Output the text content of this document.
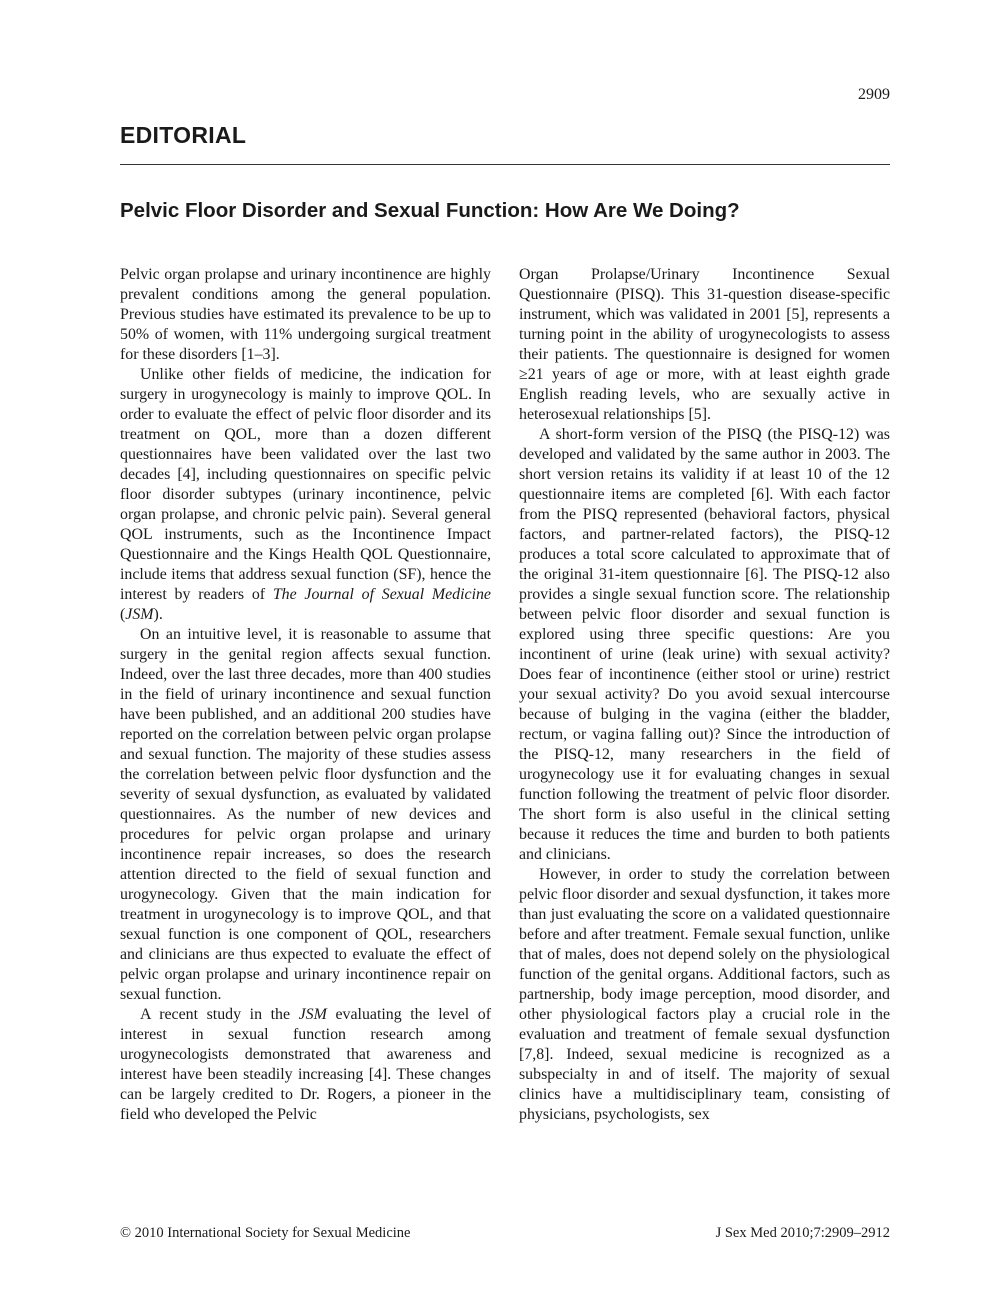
2909
EDITORIAL
Pelvic Floor Disorder and Sexual Function: How Are We Doing?

Pelvic organ prolapse and urinary incontinence are highly prevalent conditions among the general population. Previous studies have estimated its prevalence to be up to 50% of women, with 11% undergoing surgical treatment for these disorders [1–3].

Unlike other fields of medicine, the indication for surgery in urogynecology is mainly to improve QOL. In order to evaluate the effect of pelvic floor disorder and its treatment on QOL, more than a dozen different questionnaires have been validated over the last two decades [4], including questionnaires on specific pelvic floor disorder subtypes (urinary incontinence, pelvic organ prolapse, and chronic pelvic pain). Several general QOL instruments, such as the Incontinence Impact Questionnaire and the Kings Health QOL Questionnaire, include items that address sexual function (SF), hence the interest by readers of The Journal of Sexual Medicine (JSM).

On an intuitive level, it is reasonable to assume that surgery in the genital region affects sexual function. Indeed, over the last three decades, more than 400 studies in the field of urinary incontinence and sexual function have been published, and an additional 200 studies have reported on the correlation between pelvic organ prolapse and sexual function. The majority of these studies assess the correlation between pelvic floor dysfunction and the severity of sexual dysfunction, as evaluated by validated questionnaires. As the number of new devices and procedures for pelvic organ prolapse and urinary incontinence repair increases, so does the research attention directed to the field of sexual function and urogynecology. Given that the main indication for treatment in urogynecology is to improve QOL, and that sexual function is one component of QOL, researchers and clinicians are thus expected to evaluate the effect of pelvic organ prolapse and urinary incontinence repair on sexual function.

A recent study in the JSM evaluating the level of interest in sexual function research among urogynecologists demonstrated that awareness and interest have been steadily increasing [4]. These changes can be largely credited to Dr. Rogers, a pioneer in the field who developed the Pelvic

Organ Prolapse/Urinary Incontinence Sexual Questionnaire (PISQ). This 31-question disease-specific instrument, which was validated in 2001 [5], represents a turning point in the ability of urogynecologists to assess their patients. The questionnaire is designed for women ≥21 years of age or more, with at least eighth grade English reading levels, who are sexually active in heterosexual relationships [5].

A short-form version of the PISQ (the PISQ-12) was developed and validated by the same author in 2003. The short version retains its validity if at least 10 of the 12 questionnaire items are completed [6]. With each factor from the PISQ represented (behavioral factors, physical factors, and partner-related factors), the PISQ-12 produces a total score calculated to approximate that of the original 31-item questionnaire [6]. The PISQ-12 also provides a single sexual function score. The relationship between pelvic floor disorder and sexual function is explored using three specific questions: Are you incontinent of urine (leak urine) with sexual activity? Does fear of incontinence (either stool or urine) restrict your sexual activity? Do you avoid sexual intercourse because of bulging in the vagina (either the bladder, rectum, or vagina falling out)? Since the introduction of the PISQ-12, many researchers in the field of urogynecology use it for evaluating changes in sexual function following the treatment of pelvic floor disorder. The short form is also useful in the clinical setting because it reduces the time and burden to both patients and clinicians.

However, in order to study the correlation between pelvic floor disorder and sexual dysfunction, it takes more than just evaluating the score on a validated questionnaire before and after treatment. Female sexual function, unlike that of males, does not depend solely on the physiological function of the genital organs. Additional factors, such as partnership, body image perception, mood disorder, and other physiological factors play a crucial role in the evaluation and treatment of female sexual dysfunction [7,8]. Indeed, sexual medicine is recognized as a subspecialty in and of itself. The majority of sexual clinics have a multidisciplinary team, consisting of physicians, psychologists, sex

© 2010 International Society for Sexual Medicine	J Sex Med 2010;7:2909–2912
